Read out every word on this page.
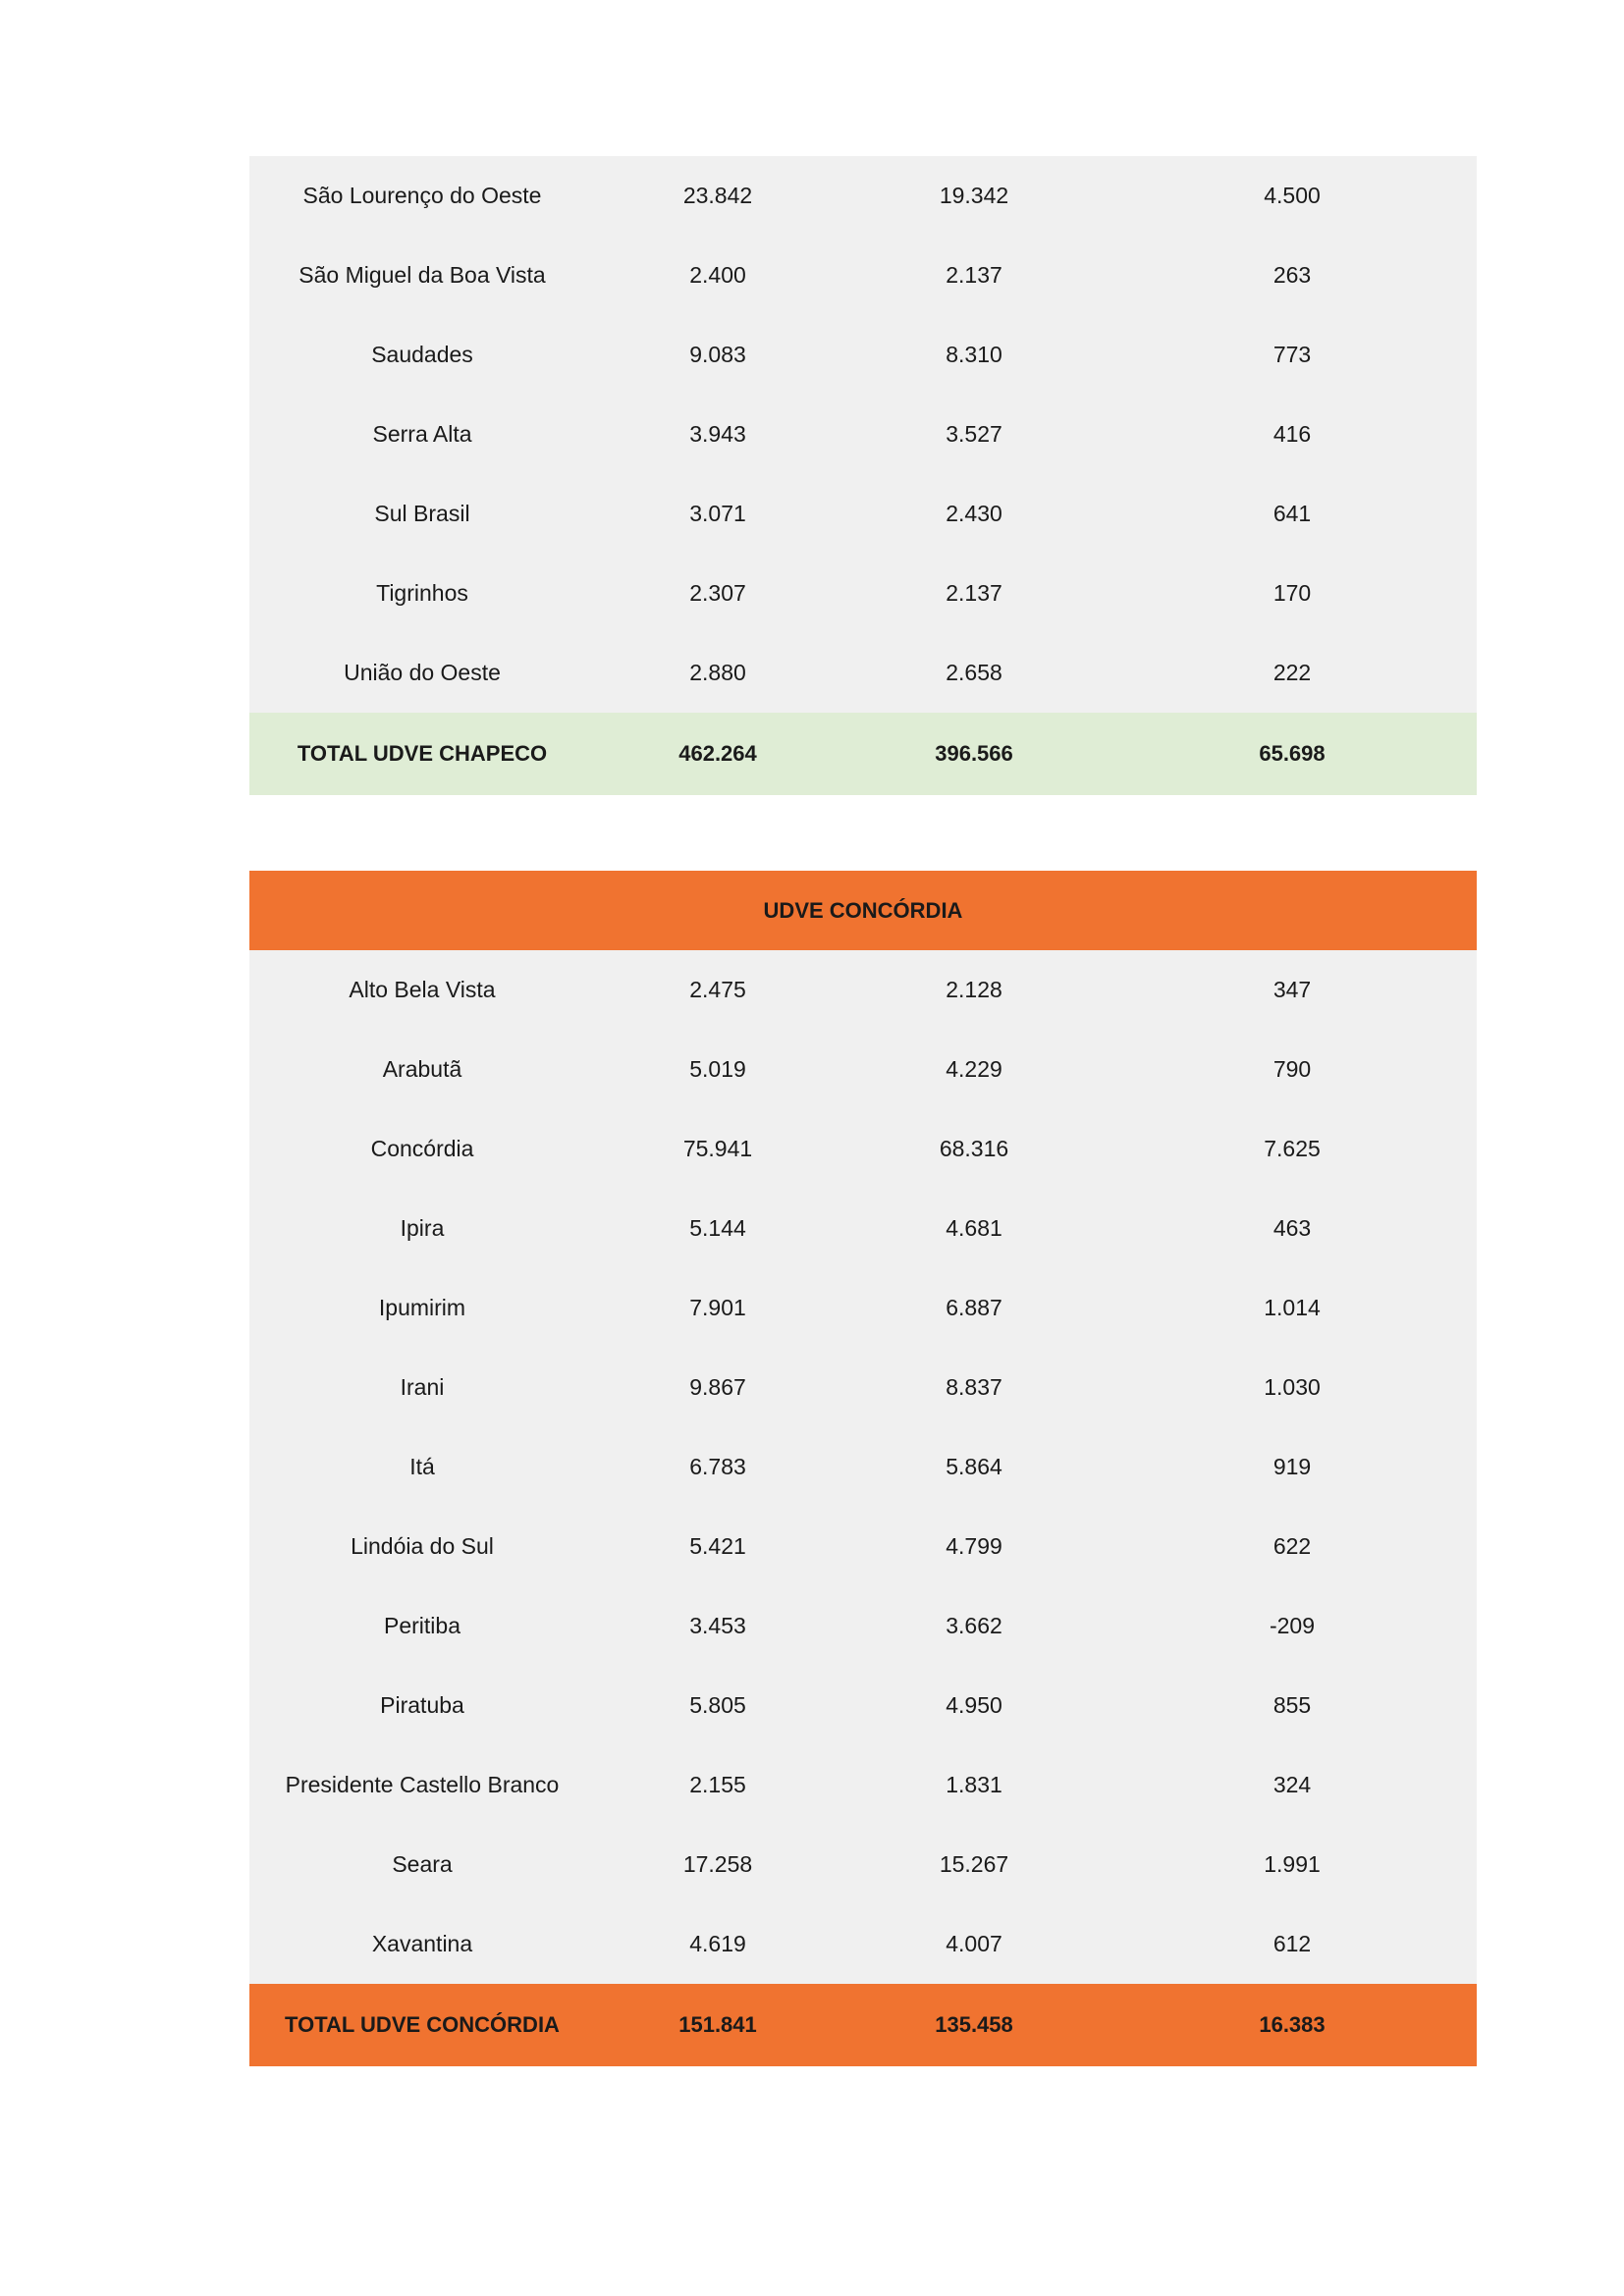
São Lourenço do Oeste	23.842	19.342	4.500
São Miguel da Boa Vista	2.400	2.137	263
Saudades	9.083	8.310	773
Serra Alta	3.943	3.527	416
Sul Brasil	3.071	2.430	641
Tigrinhos	2.307	2.137	170
União do Oeste	2.880	2.658	222
TOTAL UDVE CHAPECO	462.264	396.566	65.698
UDVE CONCÓRDIA
Alto Bela Vista	2.475	2.128	347
Arabutã	5.019	4.229	790
Concórdia	75.941	68.316	7.625
Ipira	5.144	4.681	463
Ipumirim	7.901	6.887	1.014
Irani	9.867	8.837	1.030
Itá	6.783	5.864	919
Lindóia do Sul	5.421	4.799	622
Peritiba	3.453	3.662	-209
Piratuba	5.805	4.950	855
Presidente Castello Branco	2.155	1.831	324
Seara	17.258	15.267	1.991
Xavantina	4.619	4.007	612
TOTAL UDVE CONCÓRDIA	151.841	135.458	16.383
